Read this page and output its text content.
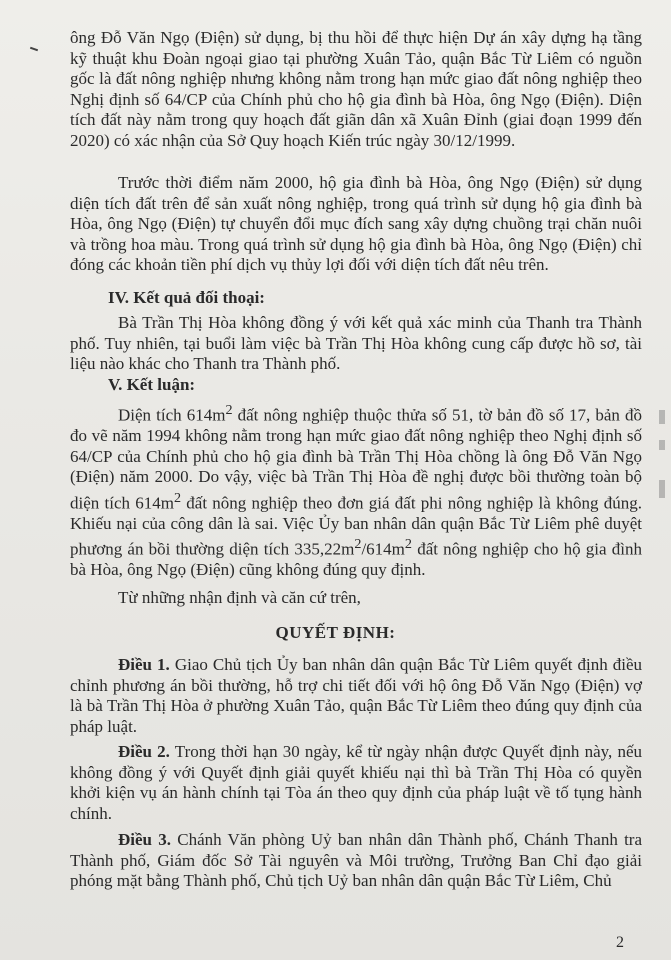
ông Đỗ Văn Ngọ (Điện) sử dụng, bị thu hồi để thực hiện Dự án xây dựng hạ tầng kỹ thuật khu Đoàn ngoại giao tại phường Xuân Tảo, quận Bắc Từ Liêm có nguồn gốc là đất nông nghiệp nhưng không nằm trong hạn mức giao đất nông nghiệp theo Nghị định số 64/CP của Chính phủ cho hộ gia đình bà Hòa, ông Ngọ (Điện). Diện tích đất này nằm trong quy hoạch đất giãn dân xã Xuân Đỉnh (giai đoạn 1999 đến 2020) có xác nhận của Sở Quy hoạch Kiến trúc ngày 30/12/1999.

Trước thời điểm năm 2000, hộ gia đình bà Hòa, ông Ngọ (Điện) sử dụng diện tích đất trên để sản xuất nông nghiệp, trong quá trình sử dụng hộ gia đình bà Hòa, ông Ngọ (Điện) tự chuyển đổi mục đích sang xây dựng chuồng trại chăn nuôi và trồng hoa màu. Trong quá trình sử dụng hộ gia đình bà Hòa, ông Ngọ (Điện) chỉ đóng các khoản tiền phí dịch vụ thủy lợi đối với diện tích đất nêu trên.

IV. Kết quả đối thoại:

Bà Trần Thị Hòa không đồng ý với kết quả xác minh của Thanh tra Thành phố. Tuy nhiên, tại buổi làm việc bà Trần Thị Hòa không cung cấp được hồ sơ, tài liệu nào khác cho Thanh tra Thành phố.

V. Kết luận:

Diện tích $614m^2$ đất nông nghiệp thuộc thửa số 51, tờ bản đồ số 17, bản đồ đo vẽ năm 1994 không nằm trong hạn mức giao đất nông nghiệp theo Nghị định số 64/CP của Chính phủ cho hộ gia đình bà Trần Thị Hòa chồng là ông Đỗ Văn Ngọ (Điện) năm 2000. Do vậy, việc bà Trần Thị Hòa đề nghị được bồi thường toàn bộ diện tích $614m^2$ đất nông nghiệp theo đơn giá đất phi nông nghiệp là không đúng. Khiếu nại của công dân là sai. Việc Ủy ban nhân dân quận Bắc Từ Liêm phê duyệt phương án bồi thường diện tích $335,22m^2/614m^2$ đất nông nghiệp cho hộ gia đình bà Hòa, ông Ngọ (Điện) cũng không đúng quy định.

Từ những nhận định và căn cứ trên,

QUYẾT ĐỊNH:

Điều 1. Giao Chủ tịch Ủy ban nhân dân quận Bắc Từ Liêm quyết định điều chỉnh phương án bồi thường, hỗ trợ chi tiết đối với hộ ông Đỗ Văn Ngọ (Điện) vợ là bà Trần Thị Hòa ở phường Xuân Tảo, quận Bắc Từ Liêm theo đúng quy định của pháp luật.

Điều 2. Trong thời hạn 30 ngày, kể từ ngày nhận được Quyết định này, nếu không đồng ý với Quyết định giải quyết khiếu nại thì bà Trần Thị Hòa có quyền khởi kiện vụ án hành chính tại Tòa án theo quy định của pháp luật về tố tụng hành chính.

Điều 3. Chánh Văn phòng Uỷ ban nhân dân Thành phố, Chánh Thanh tra Thành phố, Giám đốc Sở Tài nguyên và Môi trường, Trưởng Ban Chỉ đạo giải phóng mặt bằng Thành phố, Chủ tịch Uỷ ban nhân dân quận Bắc Từ Liêm, Chủ

2
